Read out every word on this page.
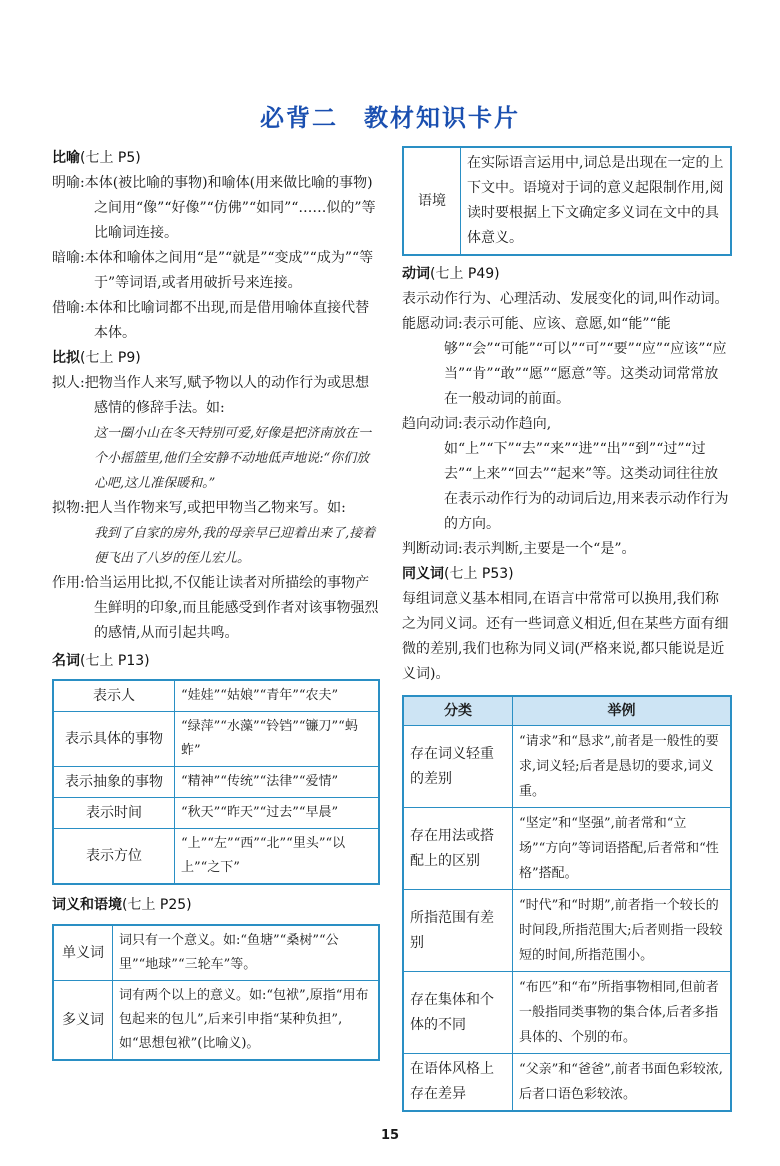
必背二　教材知识卡片

比喻(七上 P5)

明喻:本体(被比喻的事物)和喻体(用来做比喻的事物)之间用“像”“好像”“仿佛”“如同”“……似的”等比喻词连接。

暗喻:本体和喻体之间用“是”“就是”“变成”“成为”“等于”等词语,或者用破折号来连接。

借喻:本体和比喻词都不出现,而是借用喻体直接代替本体。

比拟(七上 P9)

拟人:把物当作人来写,赋予物以人的动作行为或思想感情的修辞手法。如:

这一圈小山在冬天特别可爱,好像是把济南放在一个小摇篮里,他们全安静不动地低声地说:“你们放心吧,这儿准保暖和。”

拟物:把人当作物来写,或把甲物当乙物来写。如:

我到了自家的房外,我的母亲早已迎着出来了,接着便飞出了八岁的侄儿宏儿。

作用:恰当运用比拟,不仅能让读者对所描绘的事物产生鲜明的印象,而且能感受到作者对该事物强烈的感情,从而引起共鸣。

名词(七上 P13)

表示人	“娃娃”“姑娘”“青年”“农夫”
表示具体的事物	“绿萍”“水藻”“铃铛”“镰刀”“蚂蚱”
表示抽象的事物	“精神”“传统”“法律”“爱情”
表示时间	“秋天”“昨天”“过去”“早晨”
表示方位	“上”“左”“西”“北”“里头”“以上”“之下”

词义和语境(七上 P25)

单义词	词只有一个意义。如:“鱼塘”“桑树”“公里”“地球”“三轮车”等。
多义词	词有两个以上的意义。如:“包袱”,原指“用布包起来的包儿”,后来引申指“某种负担”,如“思想包袱”(比喻义)。
语境	在实际语言运用中,词总是出现在一定的上下文中。语境对于词的意义起限制作用,阅读时要根据上下文确定多义词在文中的具体意义。

动词(七上 P49)

表示动作行为、心理活动、发展变化的词,叫作动词。

能愿动词:表示可能、应该、意愿,如“能”“能够”“会”“可能”“可以”“可”“要”“应”“应该”“应当”“肯”“敢”“愿”“愿意”等。这类动词常常放在一般动词的前面。

趋向动词:表示动作趋向,如“上”“下”“去”“来”“进”“出”“到”“过”“过去”“上来”“回去”“起来”等。这类动词往往放在表示动作行为的动词后边,用来表示动作行为的方向。

判断动词:表示判断,主要是一个“是”。

同义词(七上 P53)

每组词意义基本相同,在语言中常常可以换用,我们称之为同义词。还有一些词意义相近,但在某些方面有细微的差别,我们也称为同义词(严格来说,都只能说是近义词)。

分类	举例
存在词义轻重的差别	“请求”和“恳求”,前者是一般性的要求,词义轻;后者是恳切的要求,词义重。
存在用法或搭配上的区别	“坚定”和“坚强”,前者常和“立场”“方向”等词语搭配,后者常和“性格”搭配。
所指范围有差别	“时代”和“时期”,前者指一个较长的时间段,所指范围大;后者则指一段较短的时间,所指范围小。
存在集体和个体的不同	“布匹”和“布”所指事物相同,但前者一般指同类事物的集合体,后者多指具体的、个别的布。
在语体风格上存在差异	“父亲”和“爸爸”,前者书面色彩较浓,后者口语色彩较浓。
15
